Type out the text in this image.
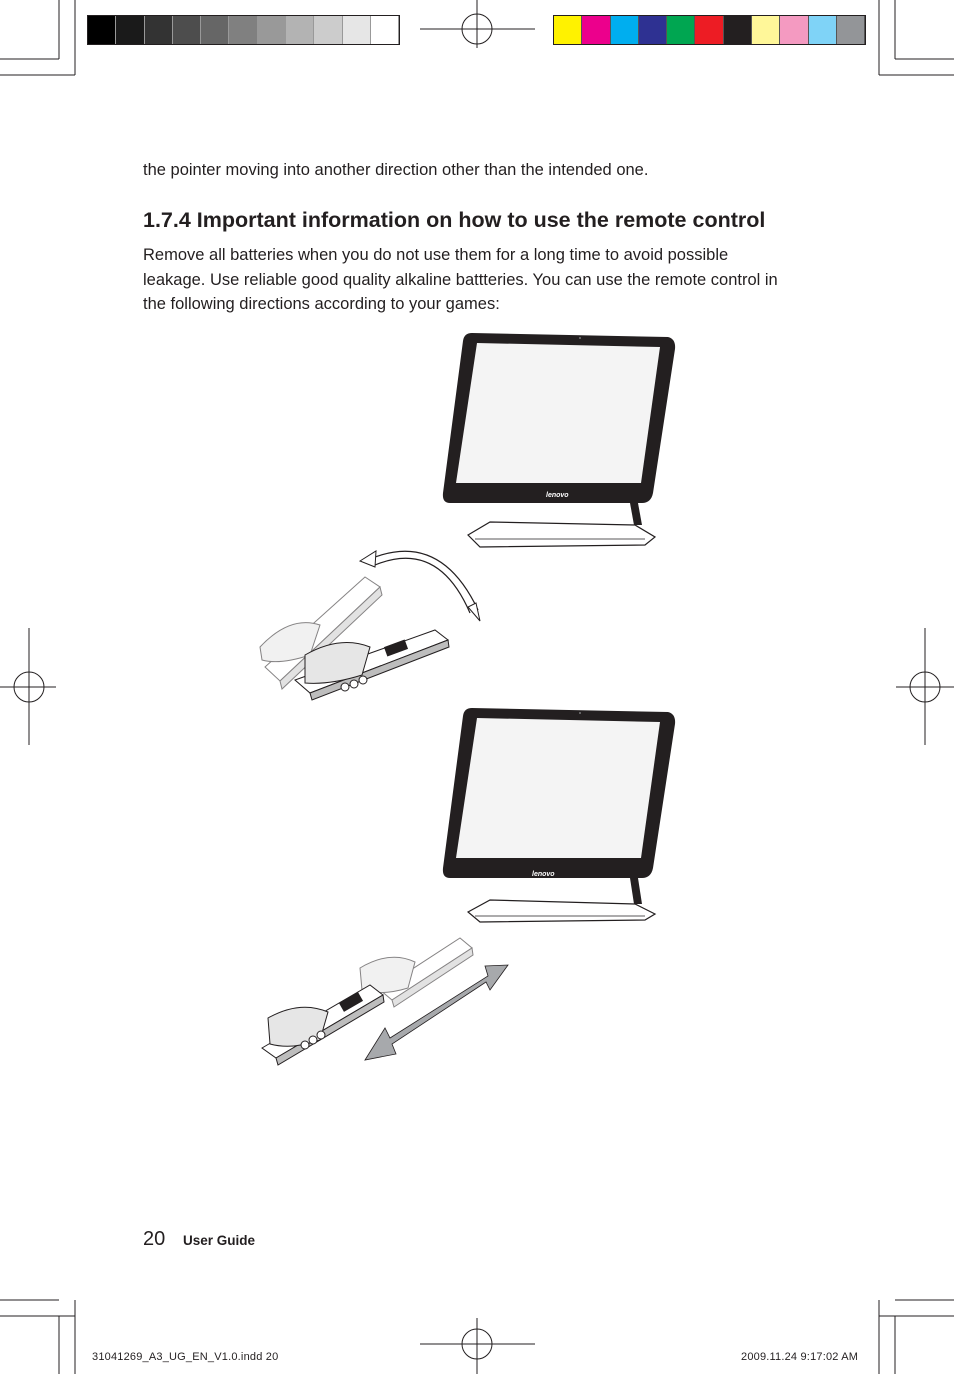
the pointer moving into another direction other than the intended one.

1.7.4 Important information on how to use the remote control

Remove all batteries when you do not use them for a long time to avoid possible leakage. Use reliable good quality alkaline battteries. You can use the remote control in the following directions according to your games:

lenovo
lenovo
20 User Guide
31041269_A3_UG_EN_V1.0.indd 20	2009.11.24 9:17:02 AM
